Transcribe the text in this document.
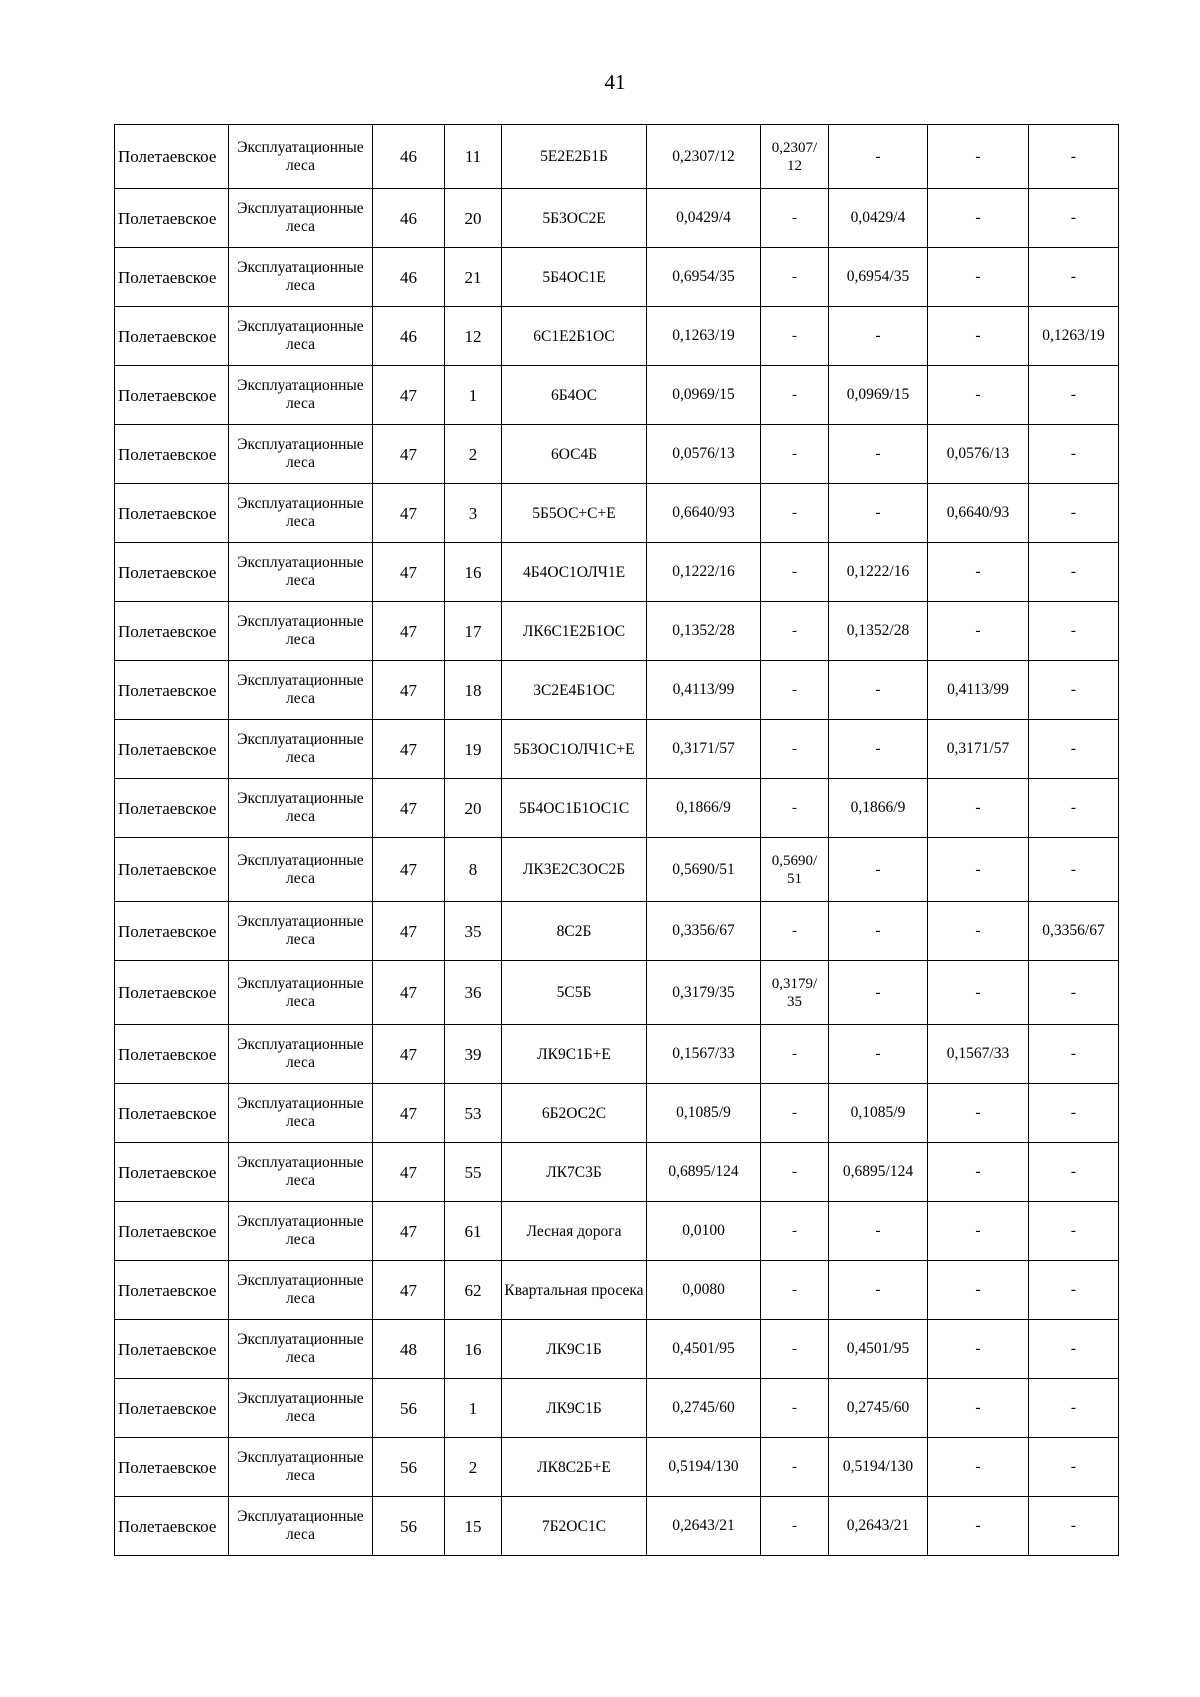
41
Полетаевское	Эксплуатационные леса	46	11	5Е2Е2Б1Б	0,2307/12	0,2307/ 12	-	-	-
Полетаевское	Эксплуатационные леса	46	20	5Б3ОС2Е	0,0429/4	-	0,0429/4	-	-
Полетаевское	Эксплуатационные леса	46	21	5Б4ОС1Е	0,6954/35	-	0,6954/35	-	-
Полетаевское	Эксплуатационные леса	46	12	6С1Е2Б1ОС	0,1263/19	-	-	-	0,1263/19
Полетаевское	Эксплуатационные леса	47	1	6Б4ОС	0,0969/15	-	0,0969/15	-	-
Полетаевское	Эксплуатационные леса	47	2	6ОС4Б	0,0576/13	-	-	0,0576/13	-
Полетаевское	Эксплуатационные леса	47	3	5Б5ОС+С+Е	0,6640/93	-	-	0,6640/93	-
Полетаевское	Эксплуатационные леса	47	16	4Б4ОС1ОЛЧ1Е	0,1222/16	-	0,1222/16	-	-
Полетаевское	Эксплуатационные леса	47	17	ЛК6С1Е2Б1ОС	0,1352/28	-	0,1352/28	-	-
Полетаевское	Эксплуатационные леса	47	18	3С2Е4Б1ОС	0,4113/99	-	-	0,4113/99	-
Полетаевское	Эксплуатационные леса	47	19	5Б3ОС1ОЛЧ1С+Е	0,3171/57	-	-	0,3171/57	-
Полетаевское	Эксплуатационные леса	47	20	5Б4ОС1Б1ОС1С	0,1866/9	-	0,1866/9	-	-
Полетаевское	Эксплуатационные леса	47	8	ЛК3Е2С3ОС2Б	0,5690/51	0,5690/ 51	-	-	-
Полетаевское	Эксплуатационные леса	47	35	8С2Б	0,3356/67	-	-	-	0,3356/67
Полетаевское	Эксплуатационные леса	47	36	5С5Б	0,3179/35	0,3179/ 35	-	-	-
Полетаевское	Эксплуатационные леса	47	39	ЛК9С1Б+Е	0,1567/33	-	-	0,1567/33	-
Полетаевское	Эксплуатационные леса	47	53	6Б2ОС2С	0,1085/9	-	0,1085/9	-	-
Полетаевское	Эксплуатационные леса	47	55	ЛК7С3Б	0,6895/124	-	0,6895/124	-	-
Полетаевское	Эксплуатационные леса	47	61	Лесная дорога	0,0100	-	-	-	-
Полетаевское	Эксплуатационные леса	47	62	Квартальная просека	0,0080	-	-	-	-
Полетаевское	Эксплуатационные леса	48	16	ЛК9С1Б	0,4501/95	-	0,4501/95	-	-
Полетаевское	Эксплуатационные леса	56	1	ЛК9С1Б	0,2745/60	-	0,2745/60	-	-
Полетаевское	Эксплуатационные леса	56	2	ЛК8С2Б+Е	0,5194/130	-	0,5194/130	-	-
Полетаевское	Эксплуатационные леса	56	15	7Б2ОС1С	0,2643/21	-	0,2643/21	-	-
